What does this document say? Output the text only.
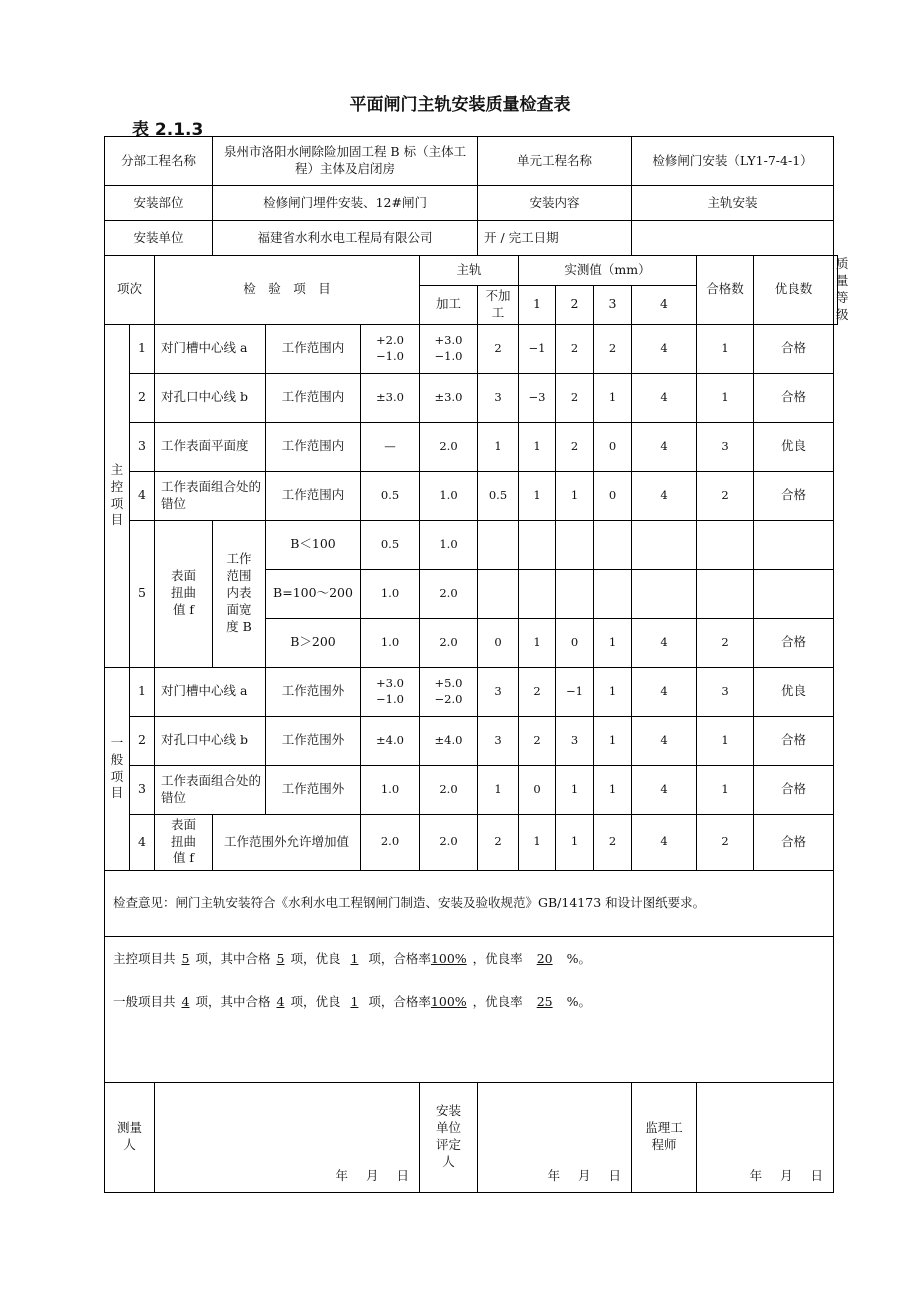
平面闸门主轨安装质量检查表
表 2.1.3
分部工程名称			泉州市洛阳水闸除险加固工程 B 标（主体工程）主体及启闭房				单元工程名称				检修闸门安装（LY1-7-4-1）			
安装部位			检修闸门埋件安装、12#闸门				安装内容				主轨安装			
安装单位			福建省水利水电工程局有限公司				开 / 完工日期							
项次		检　验　项　目				主轨		实测值（mm）				合格数	优良数	质量等级
						加工	不加工	1	2	3	4			
主控项目	1	对门槽中心线 a		工作范围内	+2.0 −1.0	+3.0 −1.0	2	−1	2	2	4	1	合格	
	2	对孔口中心线 b		工作范围内	±3.0	±3.0	3	−3	2	1	4	1	合格	
	3	工作表面平面度		工作范围内	—	2.0	1	1	2	0	4	3	优良	
	4	工作表面组合处的错位		工作范围内	0.5	1.0	0.5	1	1	0	4	2	合格	
	5	表面扭曲值 f	工作范围内表面宽度 B	B＜100	0.5	1.0								
				B=100～200	1.0	2.0								
				B＞200	1.0	2.0	0	1	0	1	4	2	合格	
一般项目	1	对门槽中心线 a		工作范围外	+3.0 −1.0	+5.0 −2.0	3	2	−1	1	4	3	优良	
	2	对孔口中心线 b		工作范围外	±4.0	±4.0	3	2	3	1	4	1	合格	
	3	工作表面组合处的错位		工作范围外	1.0	2.0	1	0	1	1	4	1	合格	
	4	表面扭曲值 f	工作范围外允许增加值		2.0	2.0	2	1	1	2	4	2	合格	
检查意见：闸门主轨安装符合《水利水电工程钢闸门制造、安装及验收规范》GB/14173 和设计图纸要求。														

主控项目共 5 项，其中合格 5 项，优良 1 项，合格率100% ，优良率 20 %。
一般项目共 4 项，其中合格 4 项，优良 1 项，合格率100% ，优良率 25 %。														

测量人		年 月 日				安装单位评定人	年 月 日				监理工程师	年 月 日		
